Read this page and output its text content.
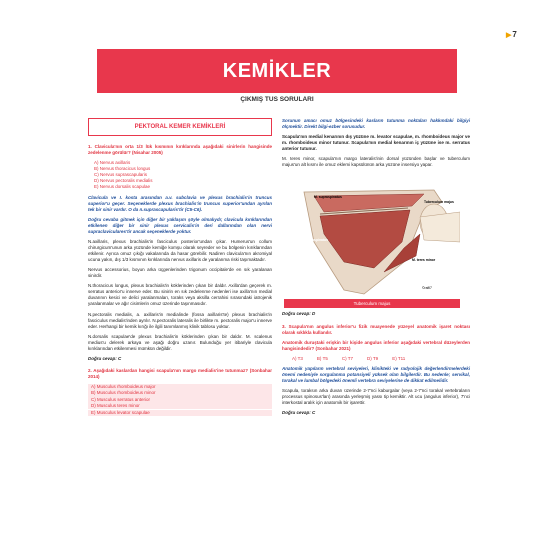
▶7
KEMİKLER
ÇIKMIŞ TUS SORULARI
PEKTORAL KEMER KEMİKLERİ

1. Clavicula'nın orta 1/3 lük kısmının kırıklarında aşağıdaki sinirlerin hangisinde zedelenme görülür? (Nisahar 2005)

A) Nervus axillaris
B) Nervus thoracicus longus
C) Nervus suprascapularis
D) Nervus pectoralis medialis
E) Nervus dorsalis scapulae

Clavicula ve I. kosta arasından a.v. subclavia ve plexus brachialis'in truncus superior'u geçer. Seçeneklerde plexus brachialis'in truncus superior'undan ayrılan tek bir sinir vardır. O da n.suprascapularis'tir (C5-C6).

Doğru cevaba gitmek için diğer bir yaklaşım şöyle olmalıydı; clavicula kırıklarından etkilenen diğer bir sinir plexus cervicalis'in deri dallarından olan nervi supraclaviculares'tir ancak seçeneklerde yoktur.

N.axillaris, plexus brachialis'in fasciculus posterior'undan çıkar. Humerus'un collum chirurgicum'unun arka yüzünde kemiğe komşu olarak seyreder ve bu bölgenin kırıklarından etkilenir. Ayrıca omuz çıkığı vakalarında da hasar görebilir. Nadiren clavicula'nın akromiyal ucuna yakın, dış 1/3 kısmının kırıklarında nervus axillaris de yaralanma riski taşımaktadır.

Nervus accessorius, boyun arka üçgenlerinden trigonum occipitale'de en sık yaralanan sinirdir.

N.thoracicus longus, plexus brachialis'in köklerinden çıkan bir daldır. Axilla'dan geçerek m. serratus anterior'u innerve eder. Bu sinirin en sık zedelenme nedenleri ise axilla'nın medial duvarının kesici ve delici yaralanmaları, toraks veya aksilla cerrahisi sırasındaki iatrojenik yaralanmalar ve ağır cisimlerin omuz üzerinde taşınmasıdır.

N.pectoralis medialis, a. axillaris'in medialinde (fossa axillaris'te) plexus brachialis'in fasciculus medialis'inden ayrılır. N.pectoralis lateralis ile birlikte m. pectoralis major'u innerve eder. Herhangi bir kemik kırığı ile ilgili tanımlanmış klinik tablosu yoktur.

N.dorsalis scapulae'de plexus brachialis'in köklerinden çıkan bir daldır. M. scalenus medius'u delerek arkaya ve aşağı doğru uzanır. Bulunduğu yer itibariyle clavicula kırıklarından etkilenmesi mümkün değildir.

Doğru cevap: C

2. Aşağıdaki kaslardan hangisi scapula'nın margo medialis'ine tutunmaz? (Sonbahar 2014)

A) Musculus rhomboideus major
B) Musculus rhomboideus minor
C) Musculus serratus anterior
D) Musculus teres minor
E) Musculus levator scapulae

Sorunun amacı omuz bölgesindeki kasların tutunma noktaları hakkındaki bilgiyi ölçmektir. Direkt bilgi-ezber sorusudur.

Scapula'nın medial kenarının dış yüzüne m. levator scapulae, m. rhomboideus major ve m. rhomboideus minor tutunur. Scapula'nın medial kenarının iç yüzüne ise m. serratus anterior tutunur.

M. teres minor, scapula'nın margo lateralis'inin dorsal yüzünden başlar ve tuberculum majus'un alt kısmı ile omuz eklemi kapsülünün arka yüzüne insersiyo yapar.

M. supraspinatus
M. infraspinatus
Tuberculum majus
M. teres minor
©rafil7
Tuberculum majus

Doğru cevap: D

3. Scapula'nın angulus inferior'u fizik muayenede yüzeyel anatomik işaret noktası olarak sıklıkla kullanılır.

Anatomik duruştaki erişkin bir kişide angulus inferior aşağıdaki vertebral düzeylerden hangisindedir? (Sonbahar 2021)

A) T3	B) T5	C) T7	D) T9	E) T11

Anatomik yapıların vertebral seviyeleri, klinikteki ve radyolojik değerlendirmelerdeki önemi nedeniyle sorgulanma potansiyeli yüksek olan bilgilerdir. Bu nedenle; servikal, torakal ve lumbal bölgedeki önemli vertebra seviyelerine de dikkat edilmelidir.

Scapula, toraksın arka duvarı üzerinde 2-7'nci kaburgalar (veya 2-7'nci torakal vertebraların processus spinosus'ları) arasında yerleşmiş yassı tip kemiktir. Alt ucu (angulus inferior), 7'nci interkostal aralık için anatomik bir işarettir.

Doğru cevap: C
